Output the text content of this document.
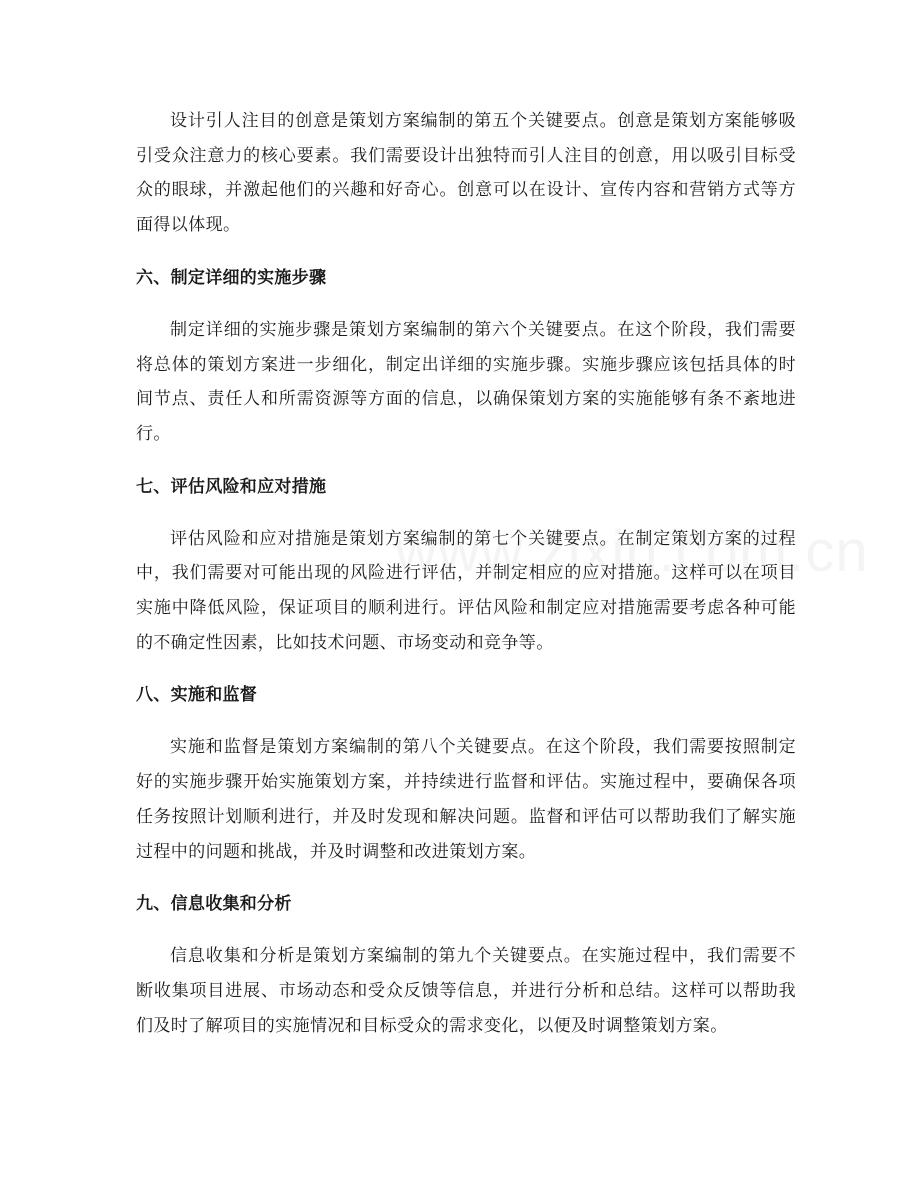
设计引人注目的创意是策划方案编制的第五个关键要点。创意是策划方案能够吸引受众注意力的核心要素。我们需要设计出独特而引人注目的创意，用以吸引目标受众的眼球，并激起他们的兴趣和好奇心。创意可以在设计、宣传内容和营销方式等方面得以体现。

六、制定详细的实施步骤

制定详细的实施步骤是策划方案编制的第六个关键要点。在这个阶段，我们需要将总体的策划方案进一步细化，制定出详细的实施步骤。实施步骤应该包括具体的时间节点、责任人和所需资源等方面的信息，以确保策划方案的实施能够有条不紊地进行。

七、评估风险和应对措施

评估风险和应对措施是策划方案编制的第七个关键要点。在制定策划方案的过程中，我们需要对可能出现的风险进行评估，并制定相应的应对措施。这样可以在项目实施中降低风险，保证项目的顺利进行。评估风险和制定应对措施需要考虑各种可能的不确定性因素，比如技术问题、市场变动和竞争等。

八、实施和监督

实施和监督是策划方案编制的第八个关键要点。在这个阶段，我们需要按照制定好的实施步骤开始实施策划方案，并持续进行监督和评估。实施过程中，要确保各项任务按照计划顺利进行，并及时发现和解决问题。监督和评估可以帮助我们了解实施过程中的问题和挑战，并及时调整和改进策划方案。

九、信息收集和分析

信息收集和分析是策划方案编制的第九个关键要点。在实施过程中，我们需要不断收集项目进展、市场动态和受众反馈等信息，并进行分析和总结。这样可以帮助我们及时了解项目的实施情况和目标受众的需求变化，以便及时调整策划方案。
